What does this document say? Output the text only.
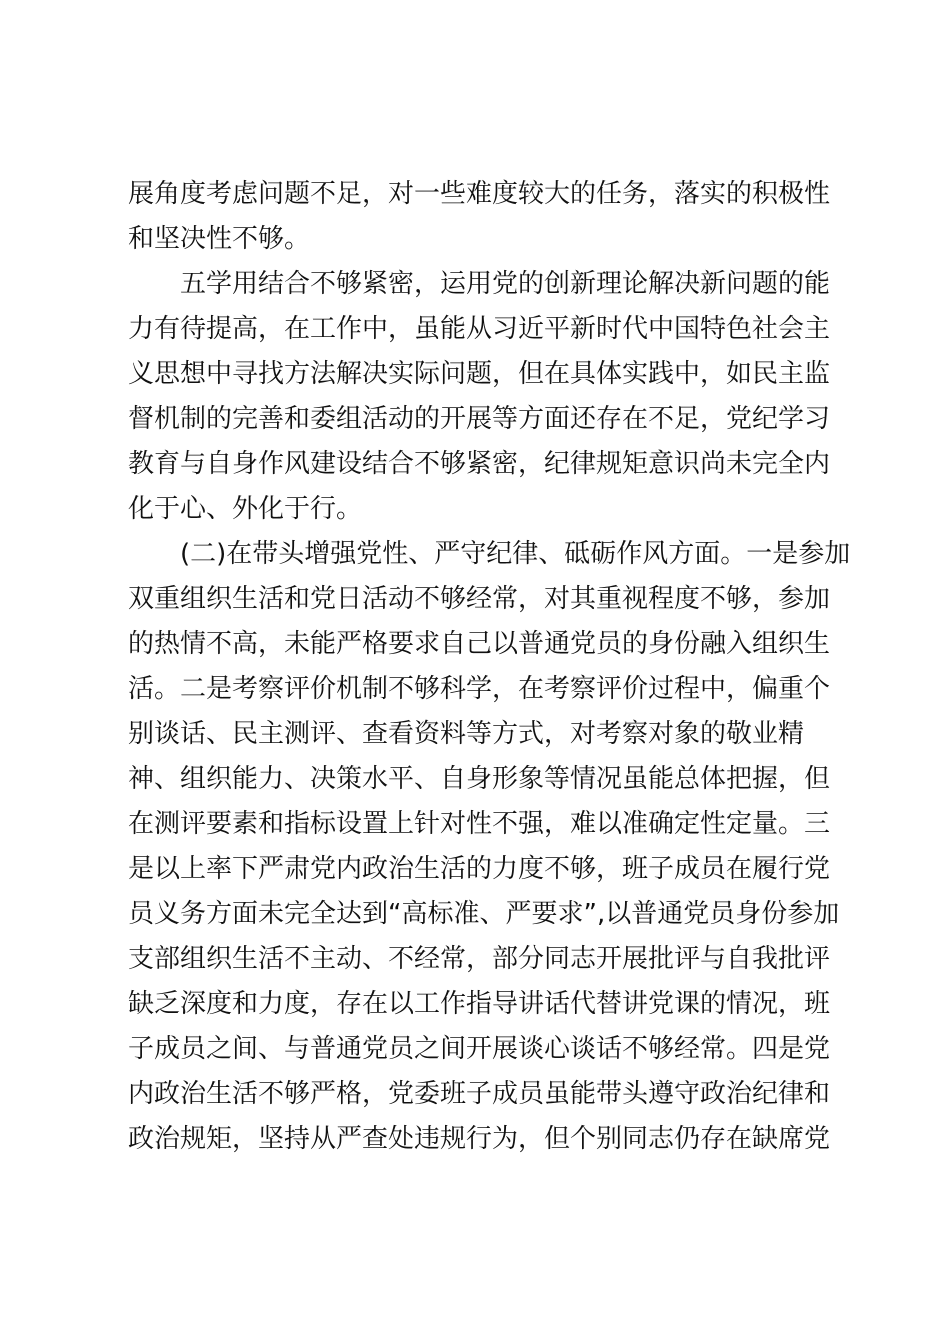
展角度考虑问题不足，对一些难度较大的任务，落实的积极性
和坚决性不够。
五学用结合不够紧密，运用党的创新理论解决新问题的能
力有待提高，在工作中，虽能从习近平新时代中国特色社会主
义思想中寻找方法解决实际问题，但在具体实践中，如民主监
督机制的完善和委组活动的开展等方面还存在不足，党纪学习
教育与自身作风建设结合不够紧密，纪律规矩意识尚未完全内
化于心、外化于行。
(二)在带头增强党性、严守纪律、砥砺作风方面。一是参加
双重组织生活和党日活动不够经常，对其重视程度不够，参加
的热情不高，未能严格要求自己以普通党员的身份融入组织生
活。二是考察评价机制不够科学，在考察评价过程中，偏重个
别谈话、民主测评、查看资料等方式，对考察对象的敬业精
神、组织能力、决策水平、自身形象等情况虽能总体把握，但
在测评要素和指标设置上针对性不强，难以准确定性定量。三
是以上率下严肃党内政治生活的力度不够，班子成员在履行党
员义务方面未完全达到“高标准、严要求”,以普通党员身份参加
支部组织生活不主动、不经常，部分同志开展批评与自我批评
缺乏深度和力度，存在以工作指导讲话代替讲党课的情况，班
子成员之间、与普通党员之间开展谈心谈话不够经常。四是党
内政治生活不够严格，党委班子成员虽能带头遵守政治纪律和
政治规矩，坚持从严查处违规行为，但个别同志仍存在缺席党
